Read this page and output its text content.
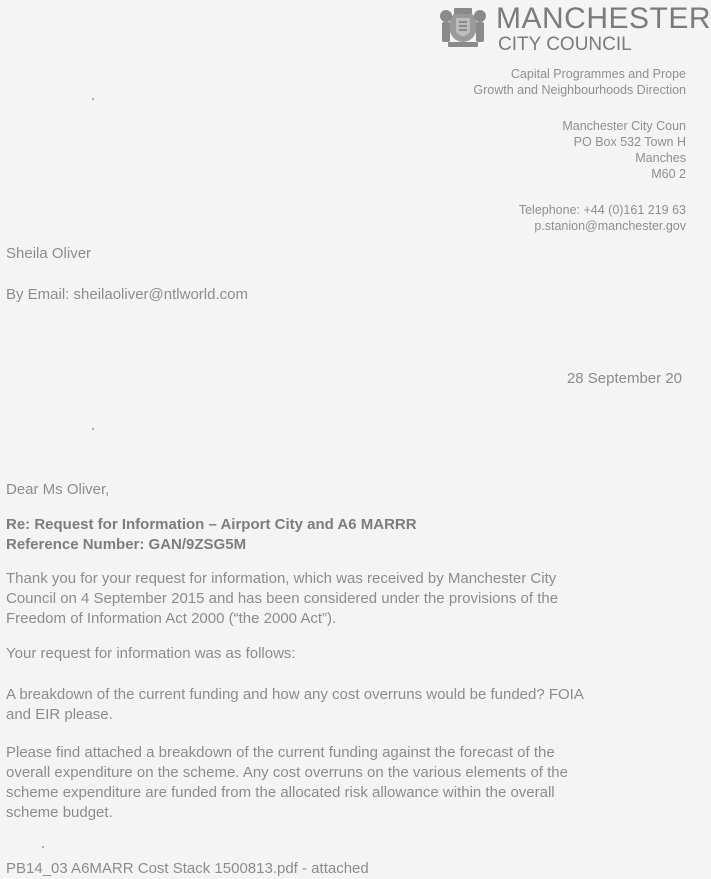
MANCHESTER
CITY COUNCIL
Capital Programmes and Prope
Growth and Neighbourhoods Direction
Manchester City Coun
PO Box 532 Town H
Manches
M60 2
Telephone: +44 (0)161 219 63
p.stanion@manchester.gov
Sheila Oliver
By Email: sheilaoliver@ntlworld.com
28 September 20
Dear Ms Oliver,
Re: Request for Information – Airport City and A6 MARRR
Reference Number: GAN/9ZSG5M
Thank you for your request for information, which was received by Manchester City
Council on 4 September 2015 and has been considered under the provisions of the
Freedom of Information Act 2000 (“the 2000 Act”).
Your request for information was as follows:
A breakdown of the current funding and how any cost overruns would be funded? FOIA
and EIR please.
Please find attached a breakdown of the current funding against the forecast of the
overall expenditure on the scheme. Any cost overruns on the various elements of the
scheme expenditure are funded from the allocated risk allowance within the overall
scheme budget.
PB14_03 A6MARR Cost Stack 1500813.pdf - attached
